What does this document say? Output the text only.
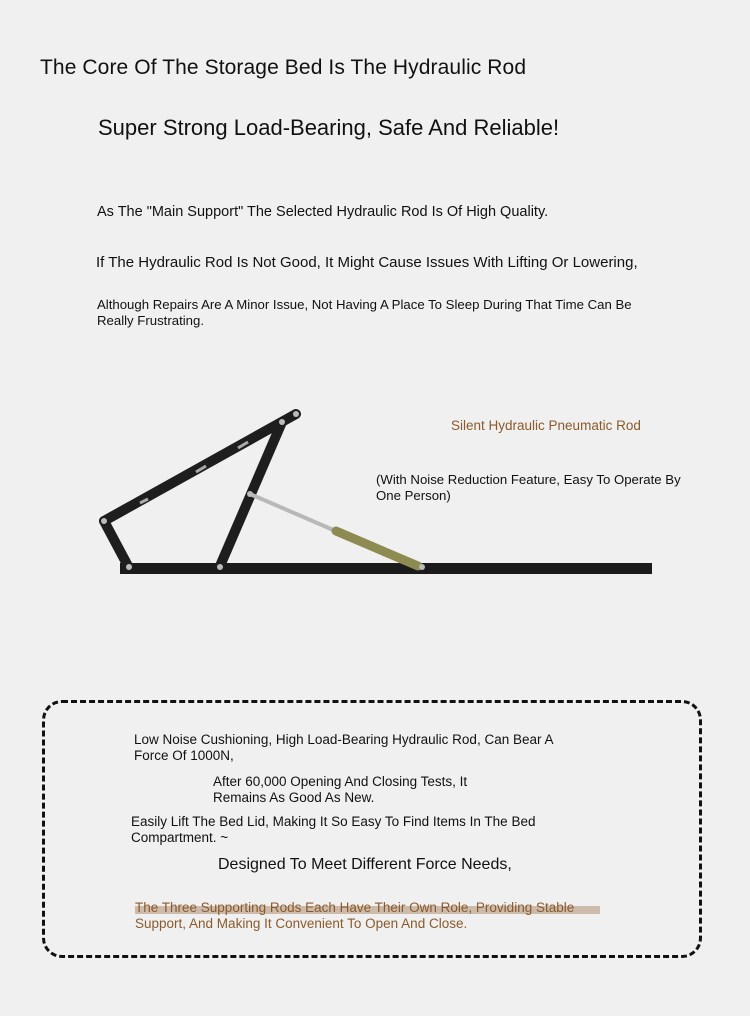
The Core Of The Storage Bed Is The Hydraulic Rod
Super Strong Load-Bearing, Safe And Reliable!
As The "Main Support" The Selected Hydraulic Rod Is Of High Quality.
If The Hydraulic Rod Is Not Good, It Might Cause Issues With Lifting Or Lowering,
Although Repairs Are A Minor Issue, Not Having A Place To Sleep During That Time Can Be Really Frustrating.
Silent Hydraulic Pneumatic Rod
(With Noise Reduction Feature, Easy To Operate By One Person)
Low Noise Cushioning, High Load-Bearing Hydraulic Rod, Can Bear A Force Of 1000N,
After 60,000 Opening And Closing Tests, It Remains As Good As New.
Easily Lift The Bed Lid, Making It So Easy To Find Items In The Bed Compartment. ~
Designed To Meet Different Force Needs,
The Three Supporting Rods Each Have Their Own Role, Providing Stable Support, And Making It Convenient To Open And Close.
